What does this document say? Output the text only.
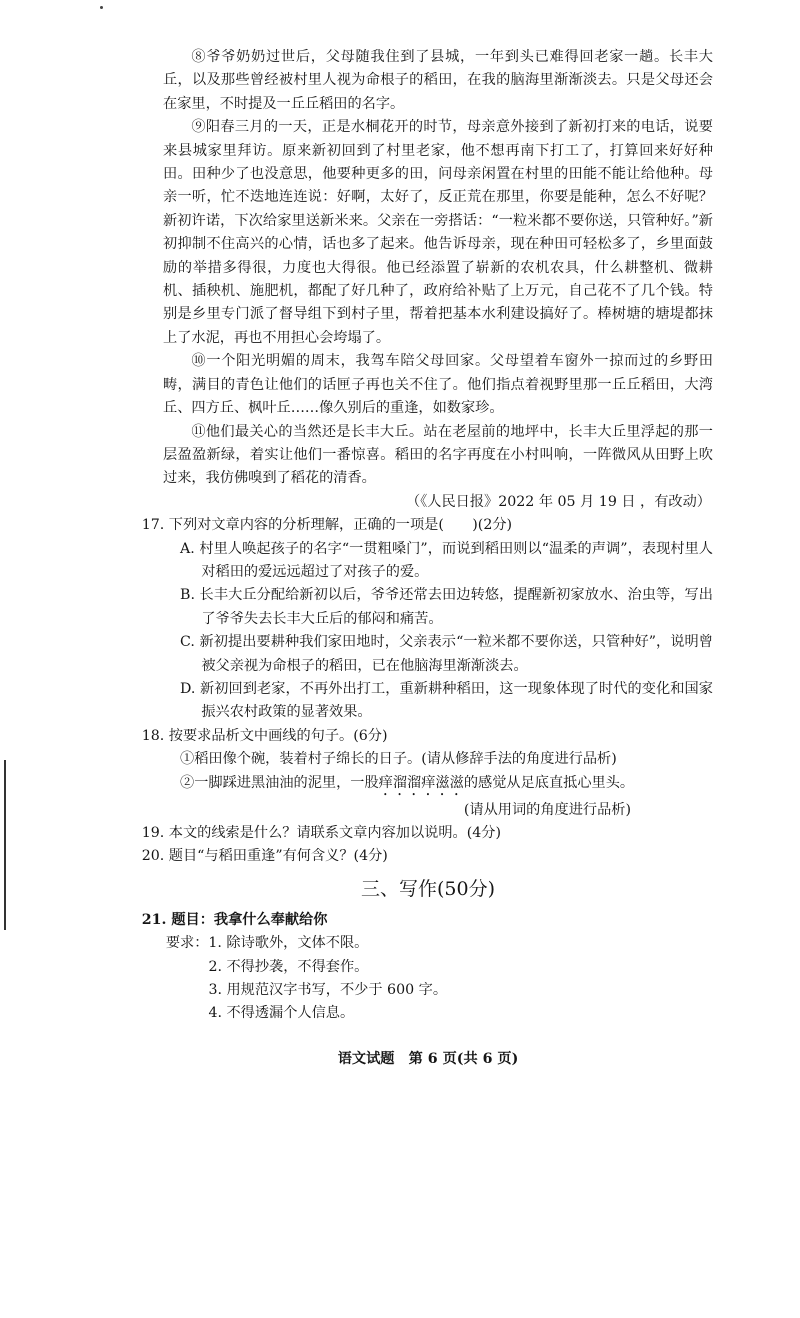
⑧爷爷奶奶过世后，父母随我住到了县城，一年到头已难得回老家一趟。长丰大丘，以及那些曾经被村里人视为命根子的稻田，在我的脑海里渐渐淡去。只是父母还会在家里，不时提及一丘丘稻田的名字。

⑨阳春三月的一天，正是水桐花开的时节，母亲意外接到了新初打来的电话，说要来县城家里拜访。原来新初回到了村里老家，他不想再南下打工了，打算回来好好种田。田种少了也没意思，他要种更多的田，问母亲闲置在村里的田能不能让给他种。母亲一听，忙不迭地连连说：好啊，太好了，反正荒在那里，你要是能种，怎么不好呢？新初许诺，下次给家里送新米来。父亲在一旁搭话：“一粒米都不要你送，只管种好。”新初抑制不住高兴的心情，话也多了起来。他告诉母亲，现在种田可轻松多了，乡里面鼓励的举措多得很，力度也大得很。他已经添置了崭新的农机农具，什么耕整机、微耕机、插秧机、施肥机，都配了好几种了，政府给补贴了上万元，自己花不了几个钱。特别是乡里专门派了督导组下到村子里，帮着把基本水利建设搞好了。棒树塘的塘堤都抹上了水泥，再也不用担心会垮塌了。

⑩一个阳光明媚的周末，我驾车陪父母回家。父母望着车窗外一掠而过的乡野田畴，满目的青色让他们的话匣子再也关不住了。他们指点着视野里那一丘丘稻田，大湾丘、四方丘、枫叶丘……像久别后的重逢，如数家珍。

⑪他们最关心的当然还是长丰大丘。站在老屋前的地坪中，长丰大丘里浮起的那一层盈盈新绿，着实让他们一番惊喜。稻田的名字再度在小村叫响，一阵微风从田野上吹过来，我仿佛嗅到了稻花的清香。

（《人民日报》2022 年 05 月 19 日 ，有改动）

17. 下列对文章内容的分析理解，正确的一项是(　　)(2分)

A. 村里人唤起孩子的名字“一贯粗嗓门”，而说到稻田则以“温柔的声调”，表现村里人对稻田的爱远远超过了对孩子的爱。

B. 长丰大丘分配给新初以后，爷爷还常去田边转悠，提醒新初家放水、治虫等，写出了爷爷失去长丰大丘后的郁闷和痛苦。

C. 新初提出要耕种我们家田地时，父亲表示“一粒米都不要你送，只管种好”，说明曾被父亲视为命根子的稻田，已在他脑海里渐渐淡去。

D. 新初回到老家，不再外出打工，重新耕种稻田，这一现象体现了时代的变化和国家振兴农村政策的显著效果。

18. 按要求品析文中画线的句子。(6分)

①稻田像个碗，装着村子绵长的日子。(请从修辞手法的角度进行品析)

②一脚踩进黑油油的泥里，一股痒溜溜痒滋滋的感觉从足底直抵心里头。

(请从用词的角度进行品析)

19. 本文的线索是什么？请联系文章内容加以说明。(4分)

20. 题目“与稻田重逢”有何含义？(4分)

三、写作(50分)

21. 题目：我拿什么奉献给你

要求：1. 除诗歌外，文体不限。

2. 不得抄袭，不得套作。

3. 用规范汉字书写，不少于 600 字。

4. 不得透漏个人信息。

语文试题　第 6 页(共 6 页)
